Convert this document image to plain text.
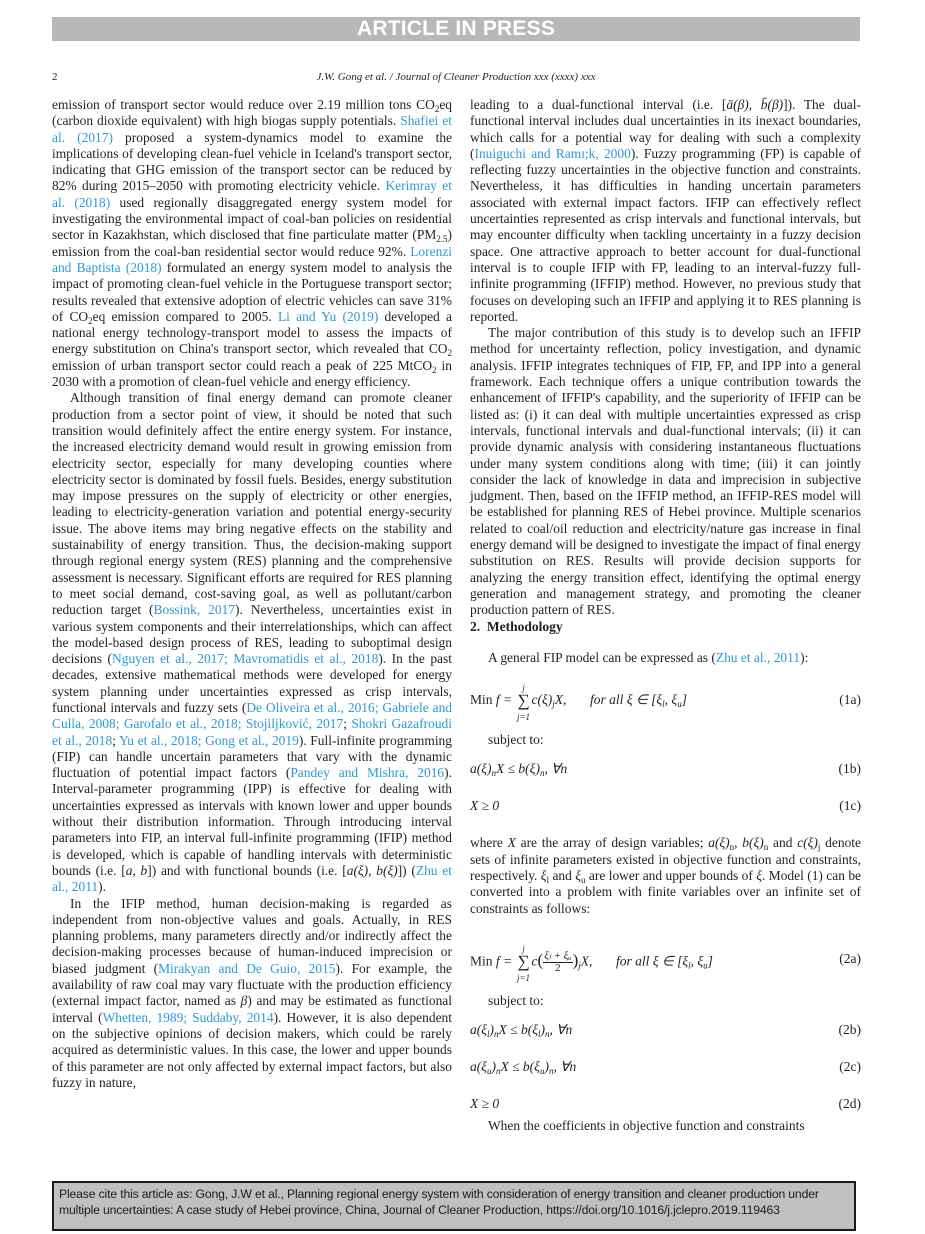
ARTICLE IN PRESS
2	J.W. Gong et al. / Journal of Cleaner Production xxx (xxxx) xxx

emission of transport sector would reduce over 2.19 million tons $CO_2eq$ (carbon dioxide equivalent) with high biogas supply potentials. Shafiei et al. (2017) proposed a system-dynamics model to examine the implications of developing clean-fuel vehicle in Iceland's transport sector, indicating that GHG emission of the transport sector can be reduced by 82% during 2015–2050 with promoting electricity vehicle. Kerimray et al. (2018) used regionally disaggregated energy system model for investigating the environmental impact of coal-ban policies on residential sector in Kazakhstan, which disclosed that fine particulate matter $(PM_{2.5})$ emission from the coal-ban residential sector would reduce 92%. Lorenzi and Baptista (2018) formulated an energy system model to analysis the impact of promoting clean-fuel vehicle in the Portuguese transport sector; results revealed that extensive adoption of electric vehicles can save 31% of $CO_2eq$ emission compared to 2005. Li and Yu (2019) developed a national energy technology-transport model to assess the impacts of energy substitution on China's transport sector, which revealed that $CO_2$ emission of urban transport sector could reach a peak of 225 MtCO$_2$ in 2030 with a promotion of clean-fuel vehicle and energy efficiency.

Although transition of final energy demand can promote cleaner production from a sector point of view, it should be noted that such transition would definitely affect the entire energy system. For instance, the increased electricity demand would result in growing emission from electricity sector, especially for many developing counties where electricity sector is dominated by fossil fuels. Besides, energy substitution may impose pressures on the supply of electricity or other energies, leading to electricity-generation variation and potential energy-security issue. The above items may bring negative effects on the stability and sustainability of energy transition. Thus, the decision-making support through regional energy system (RES) planning and the comprehensive assessment is necessary. Significant efforts are required for RES planning to meet social demand, cost-saving goal, as well as pollutant/carbon reduction target (Bossink, 2017). Nevertheless, uncertainties exist in various system components and their interrelationships, which can affect the model-based design process of RES, leading to suboptimal design decisions (Nguyen et al., 2017; Mavromatidis et al., 2018). In the past decades, extensive mathematical methods were developed for energy system planning under uncertainties expressed as crisp intervals, functional intervals and fuzzy sets (De Oliveira et al., 2016; Gabriele and Culla, 2008; Garofalo et al., 2018; Stojiljković, 2017; Shokri Gazafroudi et al., 2018; Yu et al., 2018; Gong et al., 2019). Full-infinite programming (FIP) can handle uncertain parameters that vary with the dynamic fluctuation of potential impact factors (Pandey and Mishra, 2016). Interval-parameter programming (IPP) is effective for dealing with uncertainties expressed as intervals with known lower and upper bounds without their distribution information. Through introducing interval parameters into FIP, an interval full-infinite programming (IFIP) method is developed, which is capable of handling intervals with deterministic bounds (i.e. [a, b]) and with functional bounds (i.e. [a(ξ), b(ξ)]) (Zhu et al., 2011).

In the IFIP method, human decision-making is regarded as independent from non-objective values and goals. Actually, in RES planning problems, many parameters directly and/or indirectly affect the decision-making processes because of human-induced imprecision or biased judgment (Mirakyan and De Guio, 2015). For example, the availability of raw coal may vary fluctuate with the production efficiency (external impact factor, named as β) and may be estimated as functional interval (Whetten, 1989; Suddaby, 2014). However, it is also dependent on the subjective opinions of decision makers, which could be rarely acquired as deterministic values. In this case, the lower and upper bounds of this parameter are not only affected by external impact factors, but also fuzzy in nature,

leading to a dual-functional interval (i.e. [ā(β), b̄(β)]). The dual-functional interval includes dual uncertainties in its inexact boundaries, which calls for a potential way for dealing with such a complexity (Inuiguchi and Ramı;k, 2000). Fuzzy programming (FP) is capable of reflecting fuzzy uncertainties in the objective function and constraints. Nevertheless, it has difficulties in handing uncertain parameters associated with external impact factors. IFIP can effectively reflect uncertainties represented as crisp intervals and functional intervals, but may encounter difficulty when tackling uncertainty in a fuzzy decision space. One attractive approach to better account for dual-functional interval is to couple IFIP with FP, leading to an interval-fuzzy full-infinite programming (IFFIP) method. However, no previous study that focuses on developing such an IFFIP and applying it to RES planning is reported.

The major contribution of this study is to develop such an IFFIP method for uncertainty reflection, policy investigation, and dynamic analysis. IFFIP integrates techniques of FIP, FP, and IPP into a general framework. Each technique offers a unique contribution towards the enhancement of IFFIP's capability, and the superiority of IFFIP can be listed as: (i) it can deal with multiple uncertainties expressed as crisp intervals, functional intervals and dual-functional intervals; (ii) it can provide dynamic analysis with considering instantaneous fluctuations under many system conditions along with time; (iii) it can jointly consider the lack of knowledge in data and imprecision in subjective judgment. Then, based on the IFFIP method, an IFFIP-RES model will be established for planning RES of Hebei province. Multiple scenarios related to coal/oil reduction and electricity/nature gas increase in final energy demand will be designed to investigate the impact of final energy substitution on RES. Results will provide decision supports for analyzing the energy transition effect, identifying the optimal energy generation and management strategy, and promoting the cleaner production pattern of RES.

2. Methodology

A general FIP model can be expressed as (Zhu et al., 2011):

Min f = ∑
j
j=1
$c(\xi)_jX$, for all ξ ∈ [$\xi_l$, $\xi_u$]	(1a)

subject to:

$a(\xi)_nX \le b(\xi)_n$, ∀n	(1b)
X ≥ 0	(1c)

where X are the array of design variables; $a(\xi)_n$, $b(\xi)_n$ and $c(\xi)_j$ denote sets of infinite parameters existed in objective function and constraints, respectively. $\xi_l$ and $\xi_u$ are lower and upper bounds of ξ. Model (1) can be converted into a problem with finite variables over an infinite set of constraints as follows:

Min f = ∑
j
j=1
$c( \frac{\text{ξₗ + ξᵤ}}{2} )_jX$, for all ξ ∈ [$\xi_l$, $\xi_u$]	(2a)

subject to:

$a(\xi_l)_nX \le b(\xi_l)_n$, ∀n	(2b)
$a(\xi_u)_nX \le b(\xi_u)_n$, ∀n	(2c)
X ≥ 0	(2d)

When the coefficients in objective function and constraints

Please cite this article as: Gong, J.W et al., Planning regional energy system with consideration of energy transition and cleaner production under multiple uncertainties: A case study of Hebei province, China, Journal of Cleaner Production, https://doi.org/10.1016/j.jclepro.2019.119463
